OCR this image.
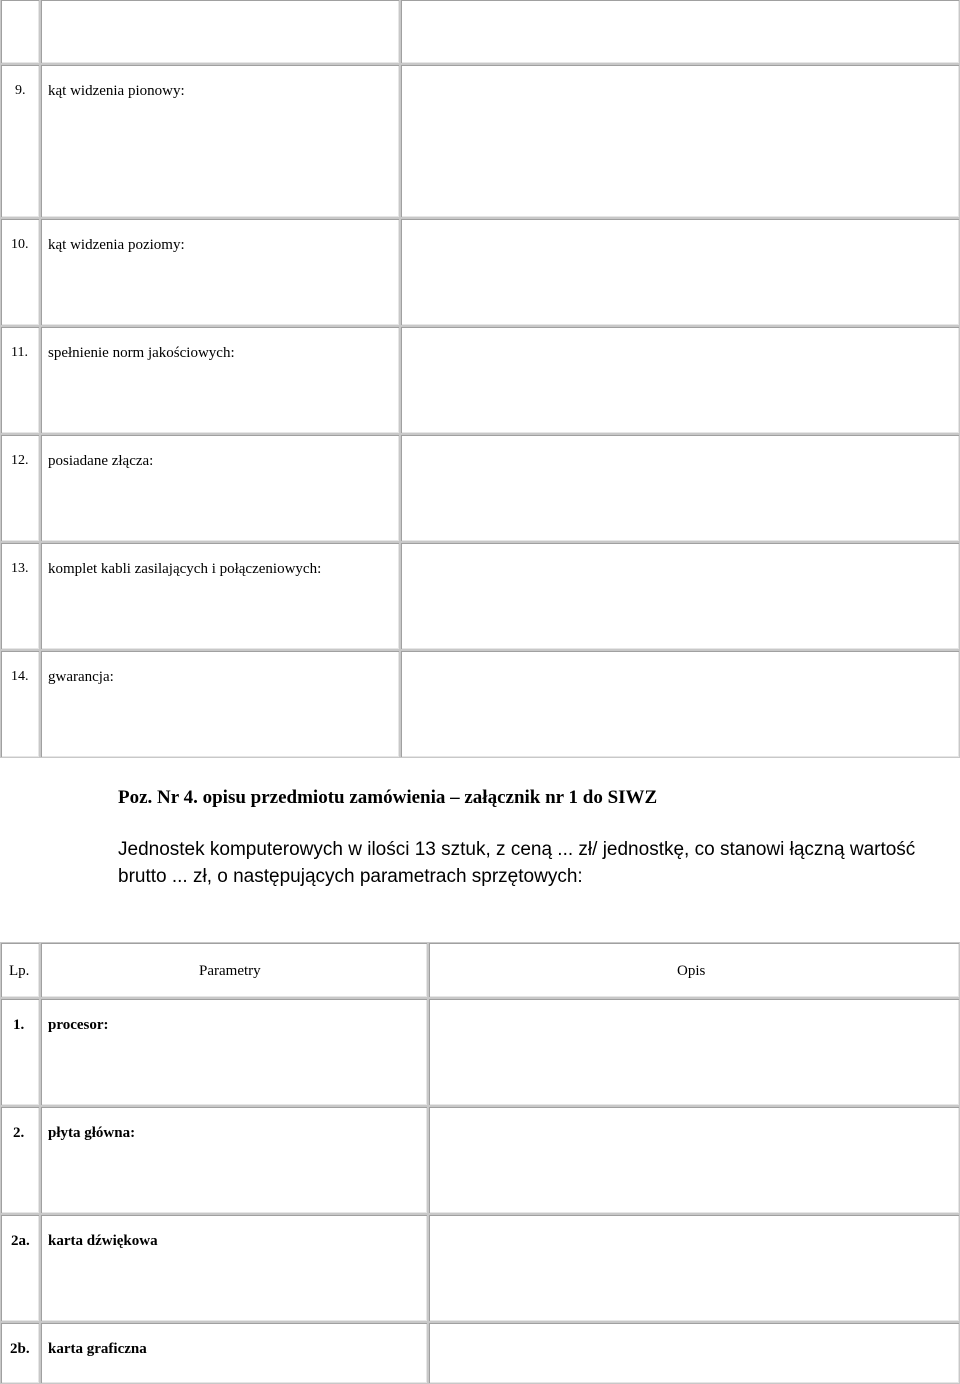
9. kąt widzenia pionowy:
10. kąt widzenia poziomy:
11. spełnienie norm jakościowych:
12. posiadane złącza:
13. komplet kabli zasilających i połączeniowych:
14. gwarancja:
Poz. Nr 4. opisu przedmiotu zamówienia – załącznik nr 1 do SIWZ
Jednostek komputerowych w ilości 13 sztuk, z ceną ... zł/ jednostkę, co stanowi łączną wartość brutto ... zł, o następujących parametrach sprzętowych:
Lp.	Parametry	Opis
1. procesor:
2. płyta główna:
2a. karta dźwiękowa
2b. karta graficzna
